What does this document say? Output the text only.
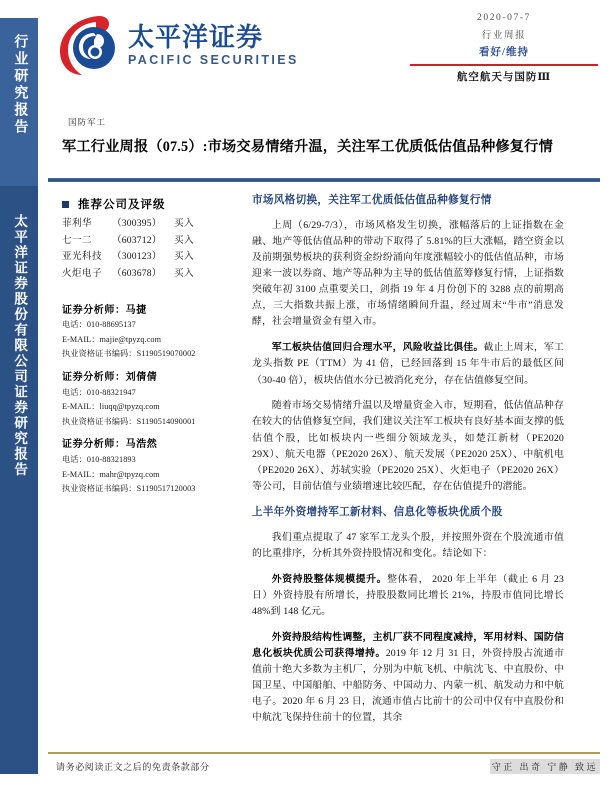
行业研究报告
太平洋证券股份有限公司证券研究报告
太平洋证券
PACIFIC SECURITIES
2020-07-7
行业周报
看好/维持
航空航天与国防Ⅲ
国防军工
军工行业周报（07.5）:市场交易情绪升温，关注军工优质低估值品种修复行情
推荐公司及评级
菲利华	（300395）	买入
七一二	（603712）	买入
亚光科技	（300123）	买入
火炬电子	（603678）	买入
证券分析师：马捷
电话：010-88695137
E-MAIL：majie@tpyzq.com
执业资格证书编码：S1190519070002
证券分析师：刘倩倩
电话：010-88321947
E-MAIL：liuqq@tpyzq.com
执业资格证书编码：S1190514090001
证券分析师：马浩然
电话：010-88321893
E-MAIL：mahr@tpyzq.com
执业资格证书编码：S1190517120003
市场风格切换，关注军工优质低估值品种修复行情

上周（6/29-7/3），市场风格发生切换，涨幅落后的上证指数在金融、地产等低估值品种的带动下取得了 5.81%的巨大涨幅，踏空资金以及前期强势板块的获利资金纷纷涌向年度涨幅较小的低估值品种，市场迎来一波以券商、地产等品种为主导的低估值蓝筹修复行情，上证指数突破年初 3100 点重要关口，剑指 19 年 4 月份创下的 3288 点的前期高点，三大指数共振上涨，市场情绪瞬间升温，经过周末“牛市”消息发酵，社会增量资金有望入市。

军工板块估值回归合理水平，风险收益比俱佳。截止上周末，军工龙头指数 PE（TTM）为 41 倍，已经回落到 15 年牛市后的最低区间（30-40 倍），板块估值水分已被消化充分，存在估值修复空间。

随着市场交易情绪升温以及增量资金入市，短期看，低估值品种存在较大的估值修复空间，我们建议关注军工板块有良好基本面支撑的低估值个股，比如板块内一些细分领域龙头，如楚江新材（PE2020 29X）、航天电器（PE2020 26X）、航天发展（PE2020 25X）、中航机电（PE2020 26X）、苏轼实验（PE2020 25X）、火炬电子（PE2020 26X）等公司，目前估值与业绩增速比较匹配，存在估值提升的潜能。

上半年外资增持军工新材料、信息化等板块优质个股

我们重点提取了 47 家军工龙头个股，并按照外资在个股流通市值的比重排序，分析其外资持股情况和变化。结论如下：

外资持股整体规模提升。整体看， 2020 年上半年（截止 6 月 23 日）外资持股有所增长，持股股数同比增长 21%，持股市值同比增长 48%到 148 亿元。

外资持股结构性调整，主机厂获不同程度减持，军用材料、国防信息化板块优质公司获得增持。2019 年 12 月 31 日，外资持股占流通市值前十绝大多数为主机厂，分别为中航飞机、中航沈飞、中直股份、中国卫星、中国船舶、中船防务、中国动力、内蒙一机、航发动力和中航电子。2020 年 6 月 23 日，流通市值占比前十的公司中仅有中直股份和中航沈飞保持住前十的位置，其余

请务必阅读正文之后的免责条款部分	守正 出奇 宁静 致远
